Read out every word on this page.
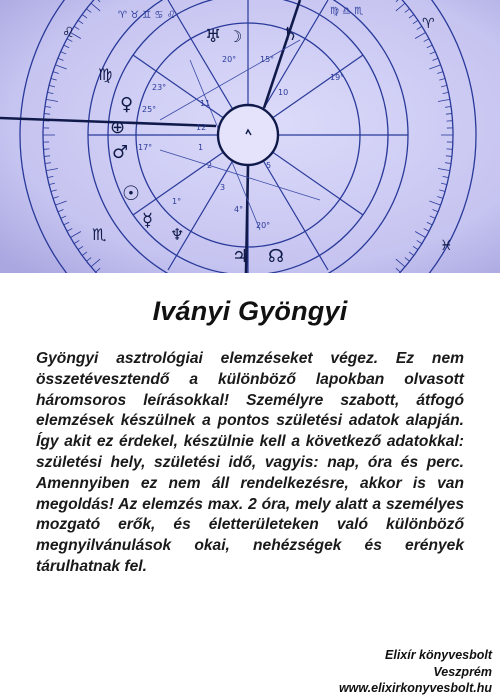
♅ ☽ ♄
♍
♀
⊕
♂
☉
♏
☿
♆
♃ ☊
♌
♈
♓
11
12
1
2
3
5
10
25°
17°
1°
4°
20°
20°	15°
23°
19°
♈ ♉ ♊ ♋ ♌	♍ ♎ ♏
Iványi Gyöngyi

Gyöngyi asztrológiai elemzéseket végez. Ez nem összetévesztendő a különböző lapokban olvasott háromsoros leírásokkal! Személyre szabott, átfogó elemzések készülnek a pontos születési adatok alapján. Így akit ez érdekel, készülnie kell a következő adatokkal: születési hely, születési idő, vagyis: nap, óra és perc. Amennyiben ez nem áll rendelkezésre, akkor is van megoldás! Az elemzés max. 2 óra, mely alatt a személyes mozgató erők, és életterületeken való különböző megnyilvánulások okai, nehézségek és erények tárulhatnak fel.

Elixír könyvesbolt
Veszprém
www.elixirkonyvesbolt.hu
